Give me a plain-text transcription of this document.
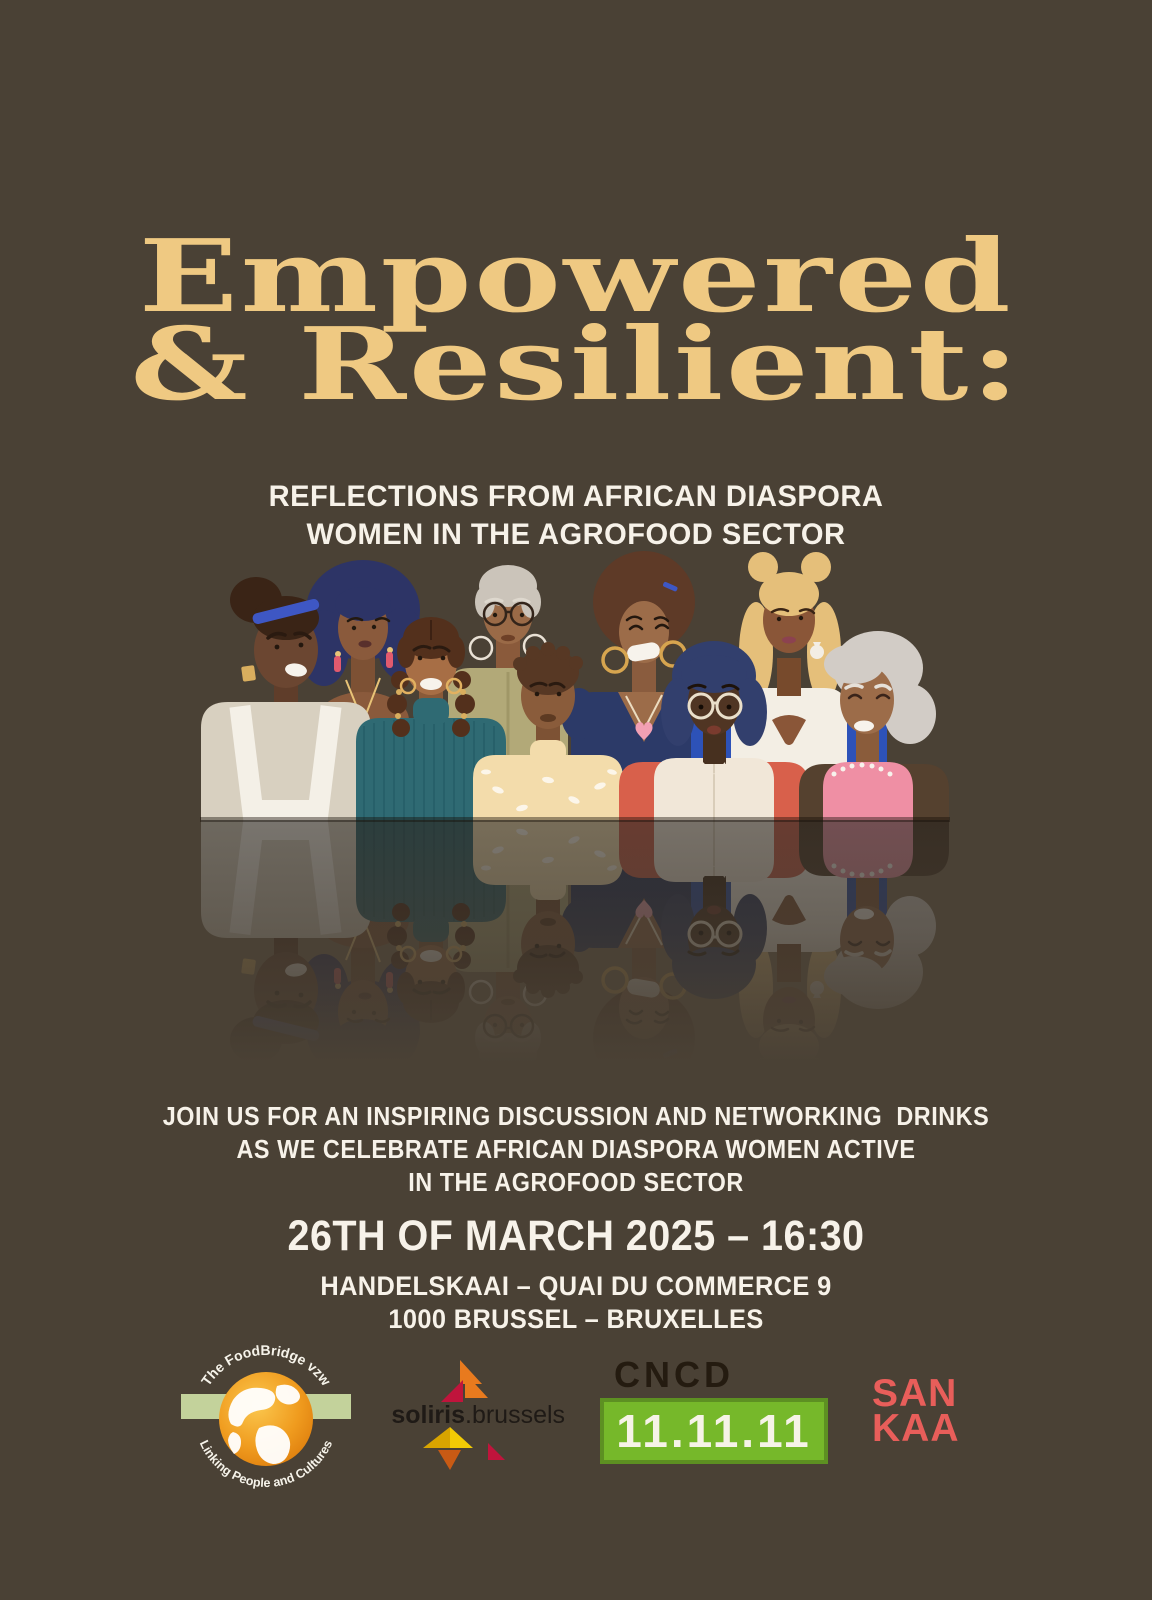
Empowered
& Resilient:
REFLECTIONS FROM AFRICAN DIASPORA
WOMEN IN THE AGROFOOD SECTOR
JOIN US FOR AN INSPIRING DISCUSSION AND NETWORKING  DRINKS
AS WE CELEBRATE AFRICAN DIASPORA WOMEN ACTIVE
IN THE AGROFOOD SECTOR
26TH OF MARCH 2025 – 16:30
HANDELSKAAI – QUAI DU COMMERCE 9
1000 BRUSSEL – BRUXELLES
The FoodBridge vzw
Linking People and Cultures
soliris .brussels
CNCD
11.11.11
SAN
KAA
